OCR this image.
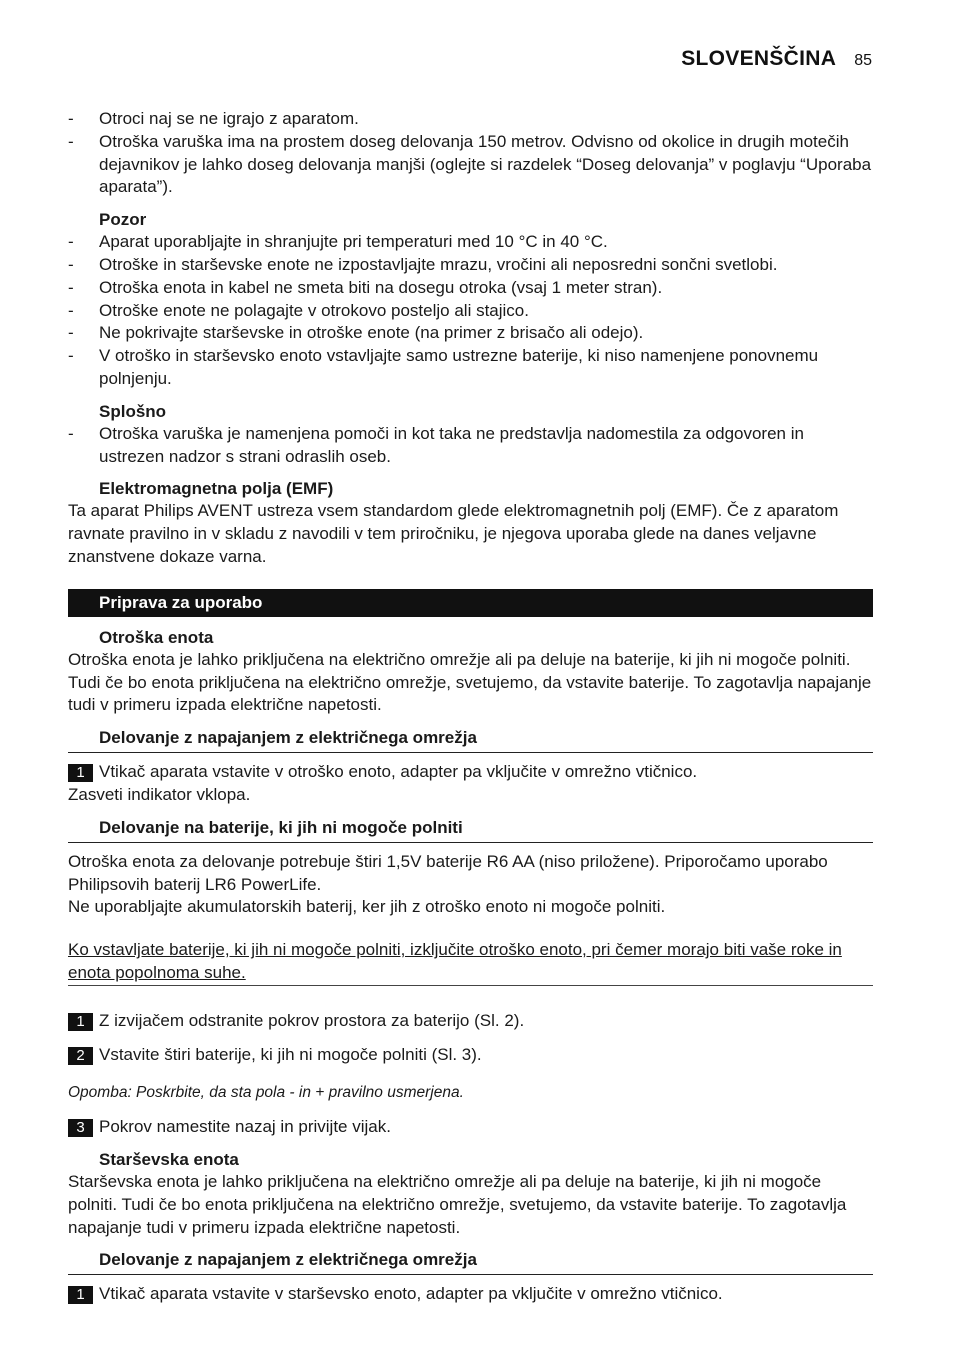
SLOVENŠČINA 85
- Otroci naj se ne igrajo z aparatom.
- Otroška varuška ima na prostem doseg delovanja 150 metrov. Odvisno od okolice in drugih motečih dejavnikov je lahko doseg delovanja manjši (oglejte si razdelek “Doseg delovanja” v poglavju “Uporaba aparata”).
Pozor
- Aparat uporabljajte in shranjujte pri temperaturi med 10 °C in 40 °C.
- Otroške in starševske enote ne izpostavljajte mrazu, vročini ali neposredni sončni svetlobi.
- Otroška enota in kabel ne smeta biti na dosegu otroka (vsaj 1 meter stran).
- Otroške enote ne polagajte v otrokovo posteljo ali stajico.
- Ne pokrivajte starševske in otroške enote (na primer z brisačo ali odejo).
- V otroško in starševsko enoto vstavljajte samo ustrezne baterije, ki niso namenjene ponovnemu polnjenju.
Splošno
- Otroška varuška je namenjena pomoči in kot taka ne predstavlja nadomestila za odgovoren in ustrezen nadzor s strani odraslih oseb.
Elektromagnetna polja (EMF)

Ta aparat Philips AVENT ustreza vsem standardom glede elektromagnetnih polj (EMF). Če z aparatom ravnate pravilno in v skladu z navodili v tem priročniku, je njegova uporaba glede na danes veljavne znanstvene dokaze varna.

Priprava za uporabo
Otroška enota

Otroška enota je lahko priključena na električno omrežje ali pa deluje na baterije, ki jih ni mogoče polniti. Tudi če bo enota priključena na električno omrežje, svetujemo, da vstavite baterije. To zagotavlja napajanje tudi v primeru izpada električne napetosti.

Delovanje z napajanjem z električnega omrežja
1 Vtikač aparata vstavite v otroško enoto, adapter pa vključite v omrežno vtičnico.

Zasveti indikator vklopa.

Delovanje na baterije, ki jih ni mogoče polniti

Otroška enota za delovanje potrebuje štiri 1,5V baterije R6 AA (niso priložene). Priporočamo uporabo Philipsovih baterij LR6 PowerLife.

Ne uporabljajte akumulatorskih baterij, ker jih z otroško enoto ni mogoče polniti.

Ko vstavljate baterije, ki jih ni mogoče polniti, izključite otroško enoto, pri čemer morajo biti vaše roke in enota popolnoma suhe.
1 Z izvijačem odstranite pokrov prostora za baterijo (Sl. 2).
2 Vstavite štiri baterije, ki jih ni mogoče polniti (Sl. 3).
Opomba: Poskrbite, da sta pola - in + pravilno usmerjena.
3 Pokrov namestite nazaj in privijte vijak.
Starševska enota

Starševska enota je lahko priključena na električno omrežje ali pa deluje na baterije, ki jih ni mogoče polniti. Tudi če bo enota priključena na električno omrežje, svetujemo, da vstavite baterije. To zagotavlja napajanje tudi v primeru izpada električne napetosti.

Delovanje z napajanjem z električnega omrežja
1 Vtikač aparata vstavite v starševsko enoto, adapter pa vključite v omrežno vtičnico.
